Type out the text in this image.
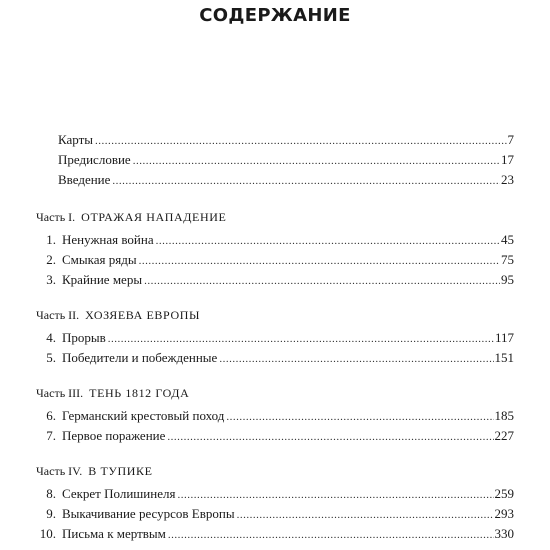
СОДЕРЖАНИЕ
Карты .....	7
Предисловие .....	17
Введение .....	23
Часть I. ОТРАЖАЯ НАПАДЕНИЕ
1. Ненужная война .....	45
2. Смыкая ряды .....	75
3. Крайние меры .....	95
Часть II. ХОЗЯЕВА ЕВРОПЫ
4. Прорыв .....	117
5. Победители и побежденные .....	151
Часть III. ТЕНЬ 1812 ГОДА
6. Германский крестовый поход .....	185
7. Первое поражение .....	227
Часть IV. В ТУПИКЕ
8. Секрет Полишинеля .....	259
9. Выкачивание ресурсов Европы .....	293
10. Письма к мертвым .....	330
